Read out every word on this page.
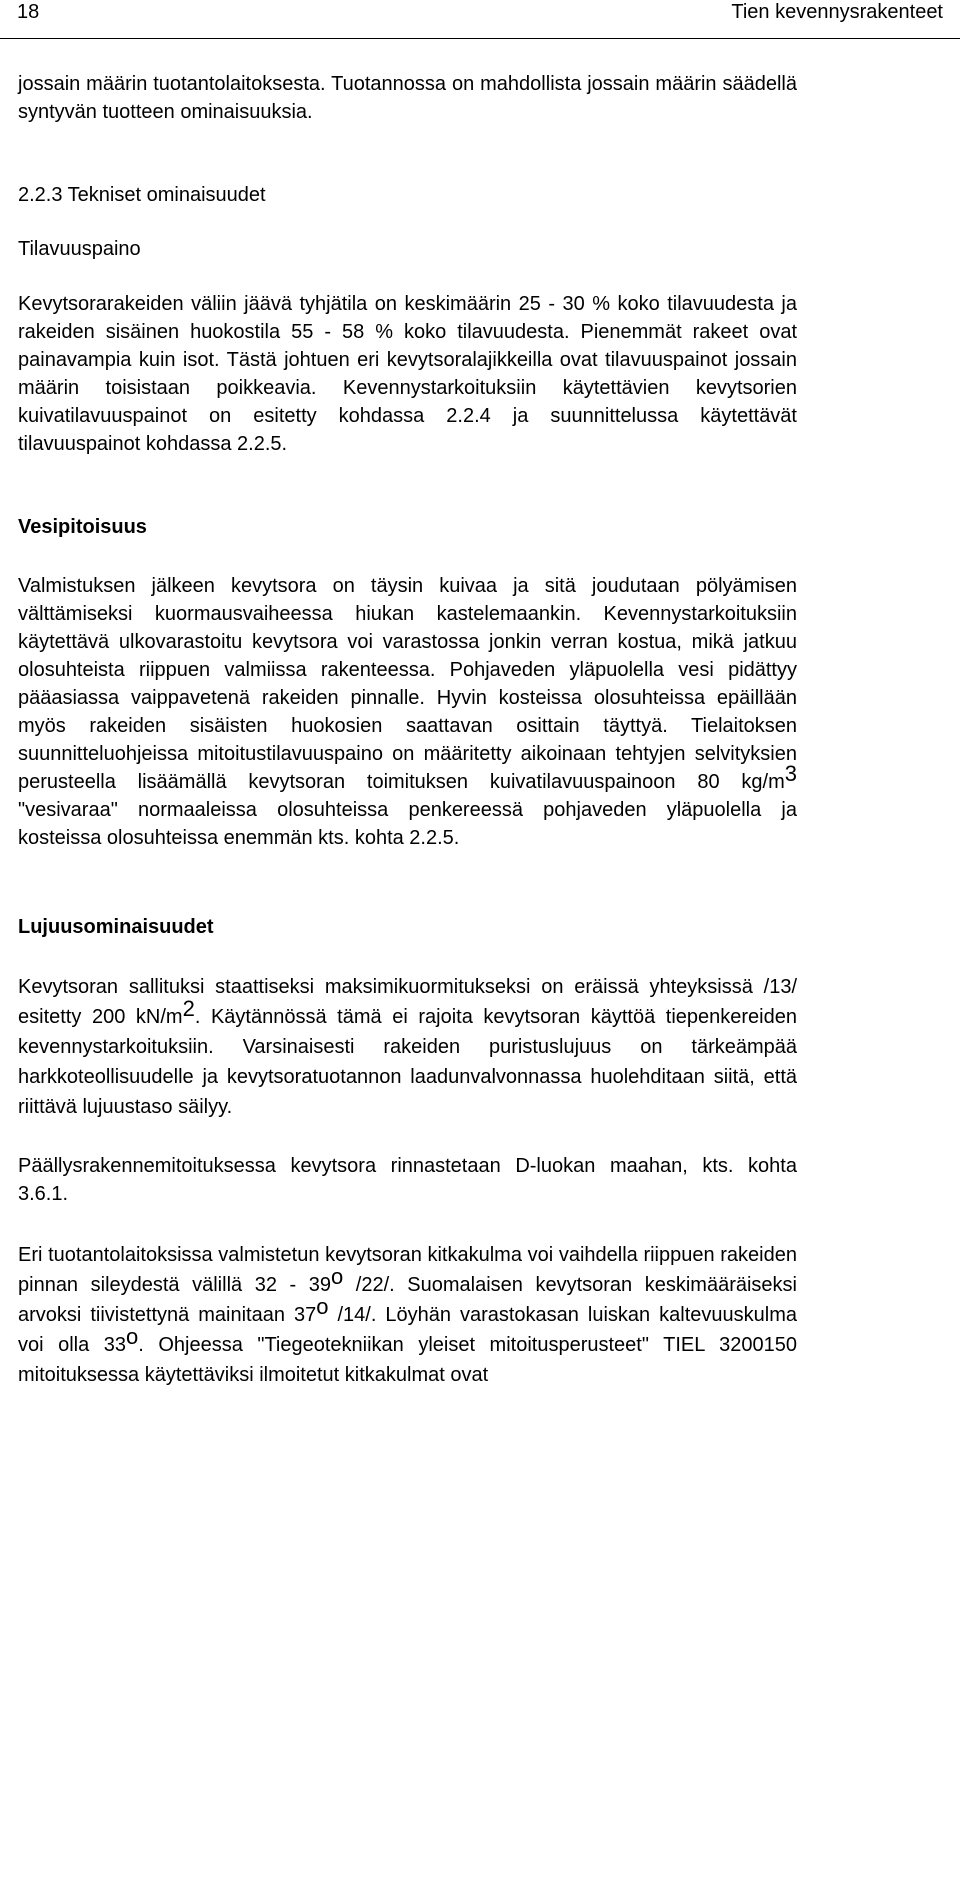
18	Tien kevennysrakenteet

jossain määrin tuotantolaitoksesta. Tuotannossa on mahdollista jossain määrin säädellä syntyvän tuotteen ominaisuuksia.

2.2.3 Tekniset ominaisuudet
Tilavuuspaino

Kevytsorarakeiden väliin jäävä tyhjätila on keskimäärin 25 - 30 % koko tilavuudesta ja rakeiden sisäinen huokostila 55 - 58 % koko tilavuudesta. Pienemmät rakeet ovat painavampia kuin isot. Tästä johtuen eri kevytsoralajikkeilla ovat tilavuuspainot jossain määrin toisistaan poikkeavia. Kevennystarkoituksiin käytettävien kevytsorien kuivatilavuuspainot on esitetty kohdassa 2.2.4 ja suunnittelussa käytettävät tilavuuspainot kohdassa 2.2.5.

Vesipitoisuus

Valmistuksen jälkeen kevytsora on täysin kuivaa ja sitä joudutaan pölyämisen välttämiseksi kuormausvaiheessa hiukan kastelemaankin. Kevennystarkoituksiin käytettävä ulkovarastoitu kevytsora voi varastossa jonkin verran kostua, mikä jatkuu olosuhteista riippuen valmiissa rakenteessa. Pohjaveden yläpuolella vesi pidättyy pääasiassa vaippavetenä rakeiden pinnalle. Hyvin kosteissa olosuhteissa epäillään myös rakeiden sisäisten huokosien saattavan osittain täyttyä. Tielaitoksen suunnitteluohjeissa mitoitustilavuuspaino on määritetty aikoinaan tehtyjen selvityksien perusteella lisäämällä kevytsoran toimituksen kuivatilavuuspainoon 80 $kg/m^3$ "vesivaraa" normaaleissa olosuhteissa penkereessä pohjaveden yläpuolella ja kosteissa olosuhteissa enemmän kts. kohta 2.2.5.

Lujuusominaisuudet

Kevytsoran sallituksi staattiseksi maksimikuormitukseksi on eräissä yhteyksissä /13/ esitetty 200 $kN/m^2$. Käytännössä tämä ei rajoita kevytsoran käyttöä tiepenkereiden kevennystarkoituksiin. Varsinaisesti rakeiden puristuslujuus on tärkeämpää harkkoteollisuudelle ja kevytsoratuotannon laadunvalvonnassa huolehditaan siitä, että riittävä lujuustaso säilyy.

Päällysrakennemitoituksessa kevytsora rinnastetaan D-luokan maahan, kts. kohta 3.6.1.

Eri tuotantolaitoksissa valmistetun kevytsoran kitkakulma voi vaihdella riippuen rakeiden pinnan sileydestä välillä 32 - 39$^o$ /22/. Suomalaisen kevytsoran keskimääräiseksi arvoksi tiivistettynä mainitaan 37$^o$ /14/. Löyhän varastokasan luiskan kaltevuuskulma voi olla 33$^o$. Ohjeessa "Tiegeotekniikan yleiset mitoitusperusteet" TIEL 3200150 mitoituksessa käytettäviksi ilmoitetut kitkakulmat ovat
